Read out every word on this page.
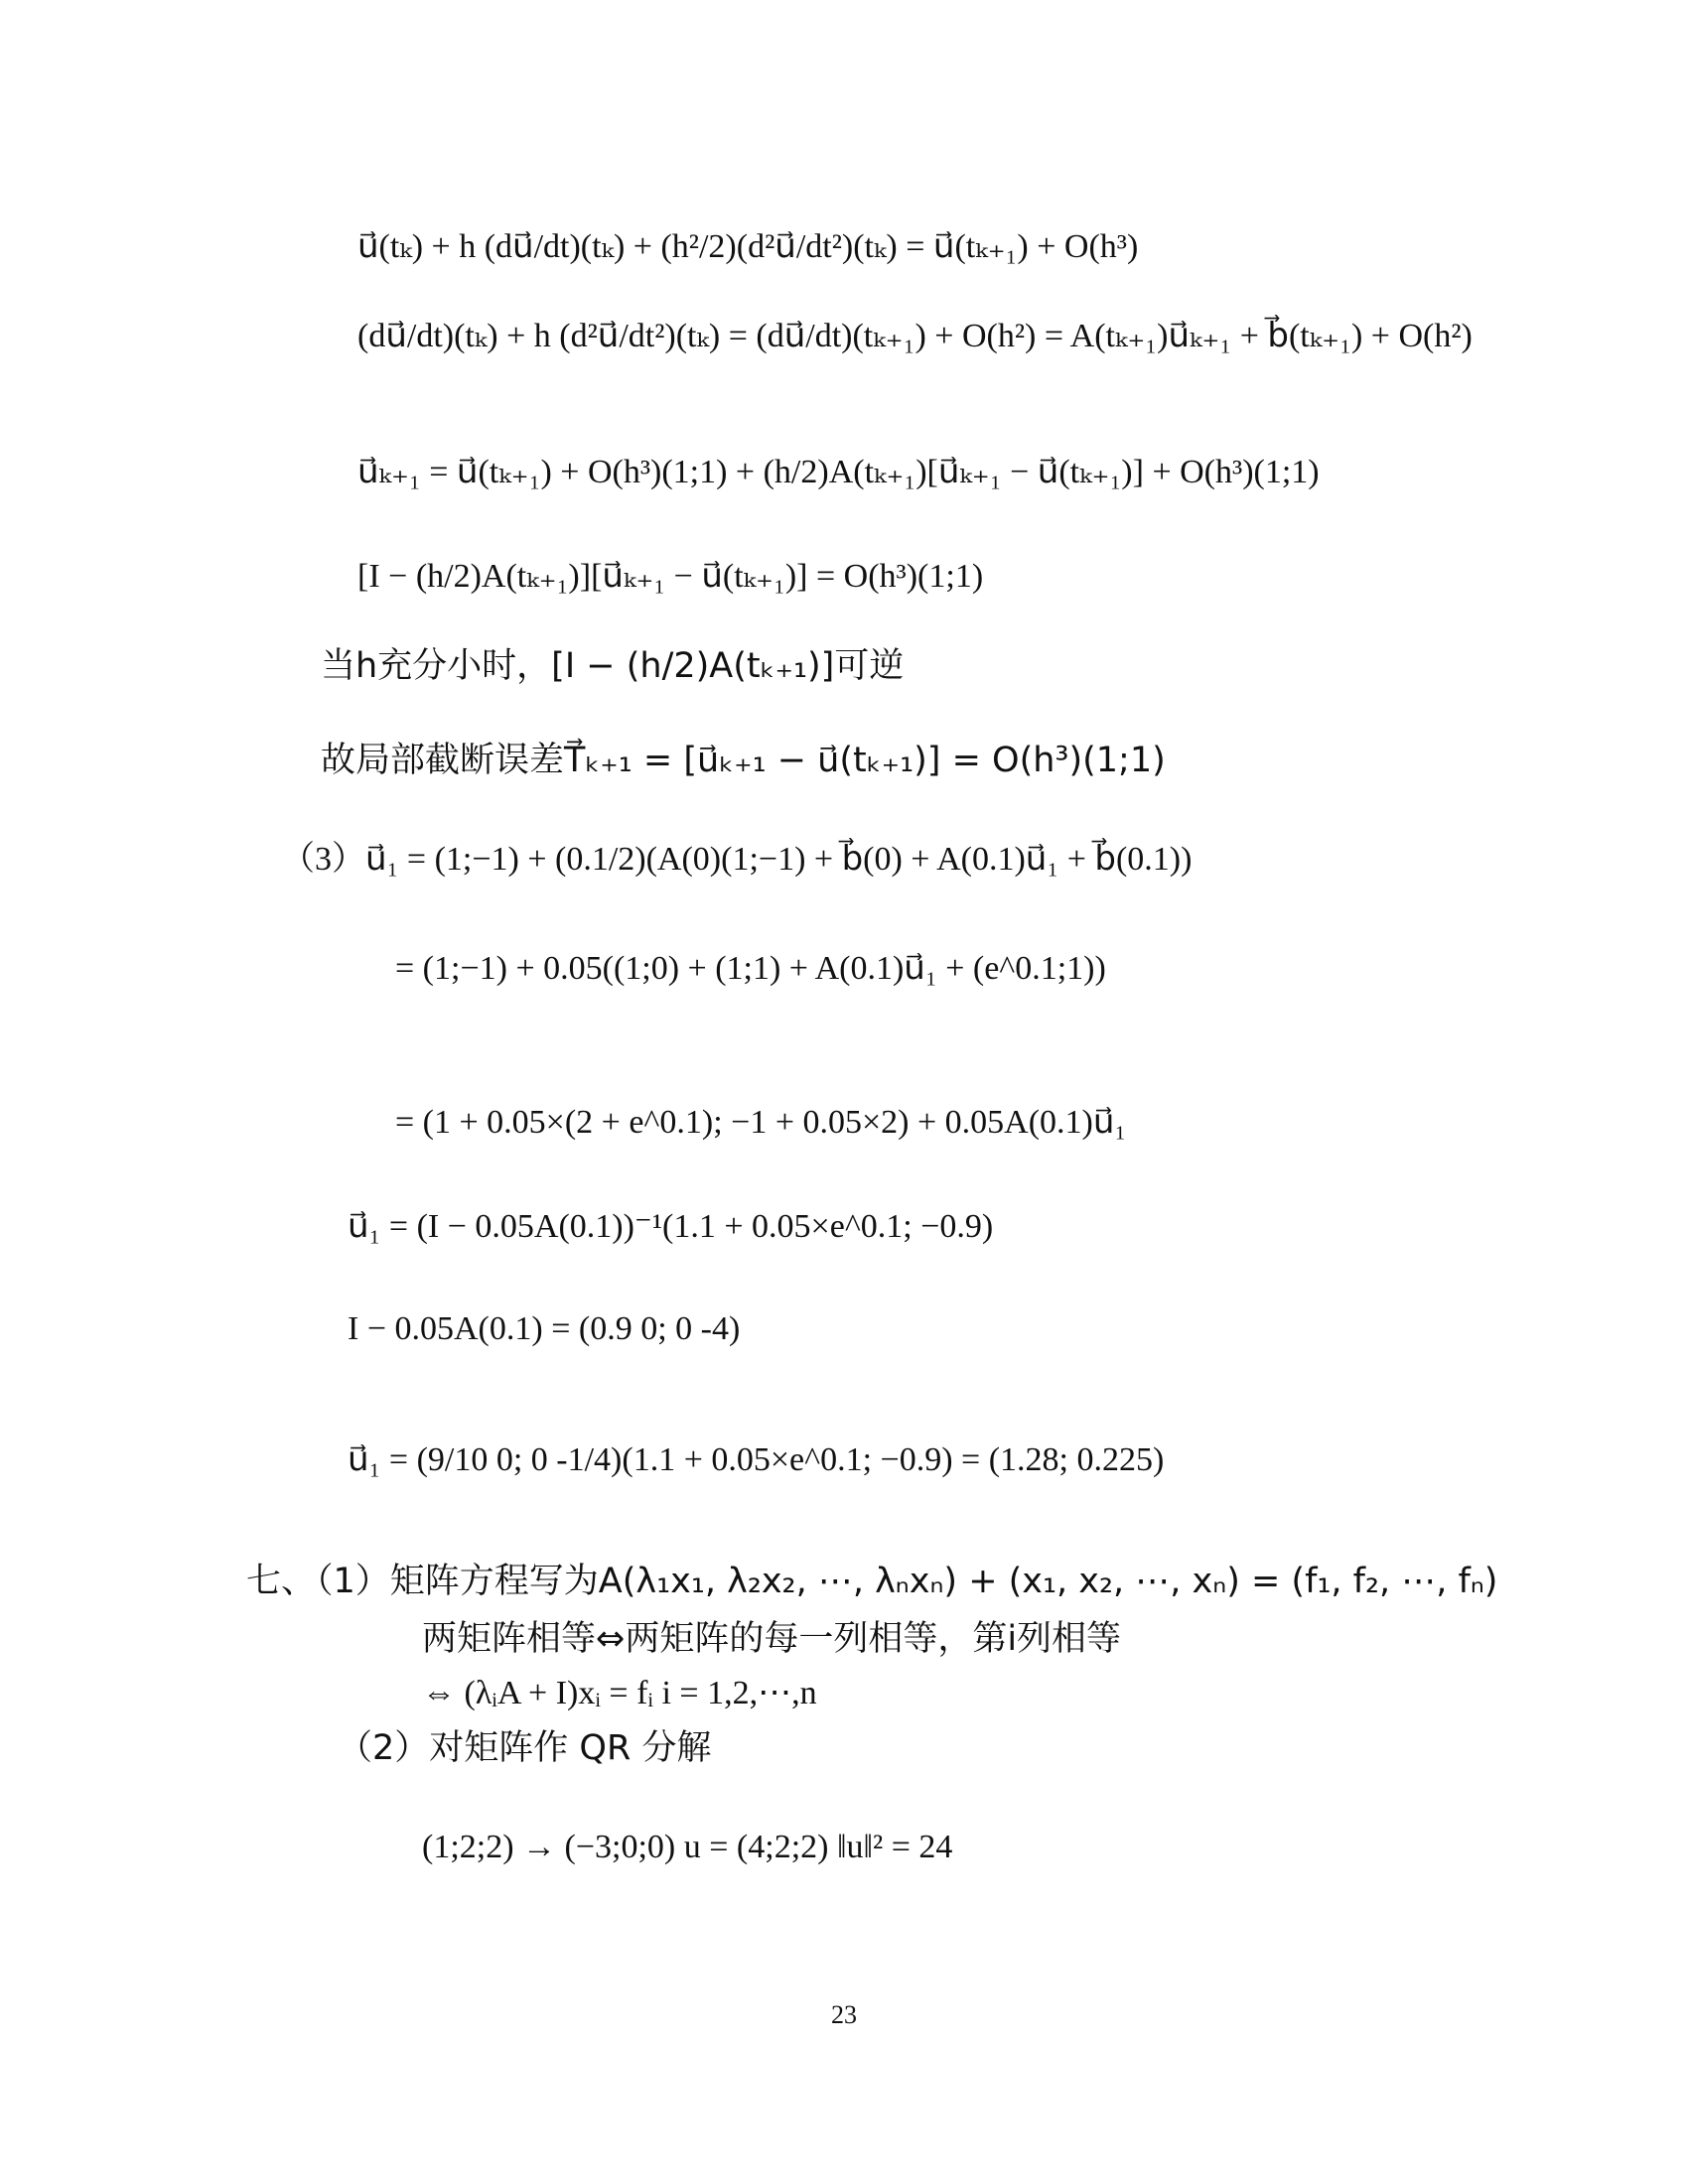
u⃗(tₖ) + h (du⃗/dt)(tₖ) + (h²/2)(d²u⃗/dt²)(tₖ) = u⃗(tₖ₊₁) + O(h³)
(du⃗/dt)(tₖ) + h (d²u⃗/dt²)(tₖ) = (du⃗/dt)(tₖ₊₁) + O(h²) = A(tₖ₊₁)u⃗ₖ₊₁ + b⃗(tₖ₊₁) + O(h²)
u⃗ₖ₊₁ = u⃗(tₖ₊₁) + O(h³)(1;1) + (h/2)A(tₖ₊₁)[u⃗ₖ₊₁ − u⃗(tₖ₊₁)] + O(h³)(1;1)
[I − (h/2)A(tₖ₊₁)][u⃗ₖ₊₁ − u⃗(tₖ₊₁)] = O(h³)(1;1)
当h充分小时，[I − (h/2)A(tₖ₊₁)]可逆
故局部截断误差T⃗ₖ₊₁ = [u⃗ₖ₊₁ − u⃗(tₖ₊₁)] = O(h³)(1;1)
（3）u⃗₁ = (1;−1) + (0.1/2)(A(0)(1;−1) + b⃗(0) + A(0.1)u⃗₁ + b⃗(0.1))
= (1;−1) + 0.05((1;0) + (1;1) + A(0.1)u⃗₁ + (e^0.1;1))
= (1 + 0.05×(2 + e^0.1); −1 + 0.05×2) + 0.05A(0.1)u⃗₁
u⃗₁ = (I − 0.05A(0.1))⁻¹(1.1 + 0.05×e^0.1; −0.9)
I − 0.05A(0.1) = (0.9 0; 0 -4)
u⃗₁ = (9/10 0; 0 -1/4)(1.1 + 0.05×e^0.1; −0.9) = (1.28; 0.225)
七、（1）矩阵方程写为A(λ₁x₁, λ₂x₂, ⋯, λₙxₙ) + (x₁, x₂, ⋯, xₙ) = (f₁, f₂, ⋯, fₙ)
两矩阵相等⇔两矩阵的每一列相等，第i列相等
⇔ (λᵢA + I)xᵢ = fᵢ i = 1,2,⋯,n
（2）对矩阵作 QR 分解
(1;2;2) → (−3;0;0) u = (4;2;2) ‖u‖² = 24
23
